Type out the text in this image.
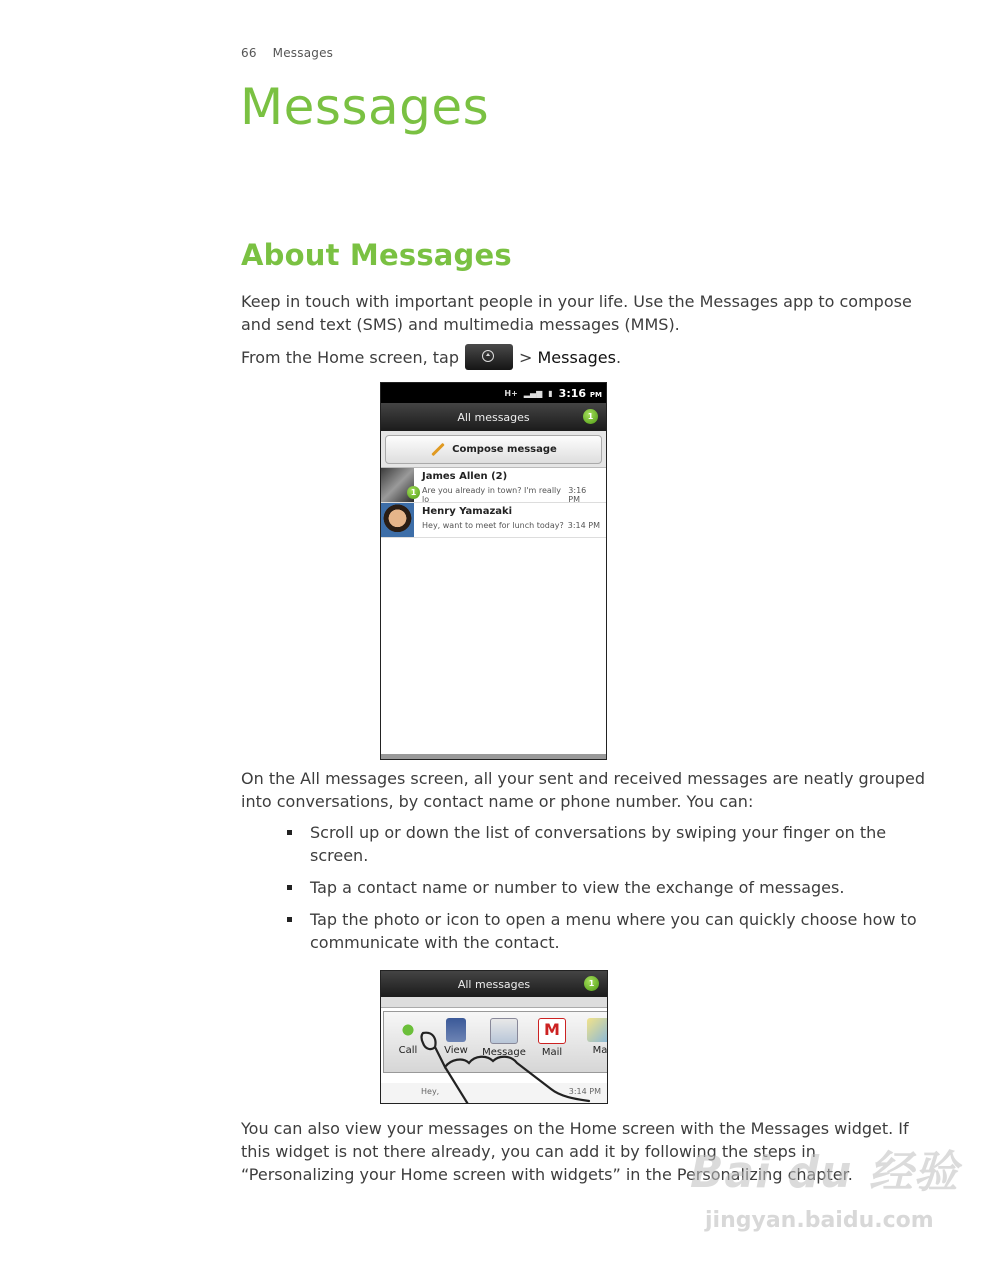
66 Messages
Messages
About Messages
Keep in touch with important people in your life. Use the Messages app to compose and send text (SMS) and multimedia messages (MMS).
From the Home screen, tap	>
Messages .
H+ ▂▄▆ ▮ 3:16 PM
All messages	1
Compose message
1
James Allen (2)
Are you already in town? I'm really lo
3:16 PM
Henry Yamazaki
Hey, want to meet for lunch today? 3:14 PM
On the All messages screen, all your sent and received messages are neatly grouped into conversations, by contact name or phone number. You can:
Scroll up or down the list of conversations by swiping your finger on the screen.
Tap a contact name or number to view the exchange of messages.
Tap the photo or icon to open a menu where you can quickly choose how to communicate with the contact.
All messages	1
Call	View	Message
M
Mail	Ma
Hey,	3:14 PM
You can also view your messages on the Home screen with the Messages widget. If this widget is not there already, you can add it by following the steps in “Personalizing your Home screen with widgets” in the Personalizing chapter.
Bai du 经验
jingyan.baidu.com
